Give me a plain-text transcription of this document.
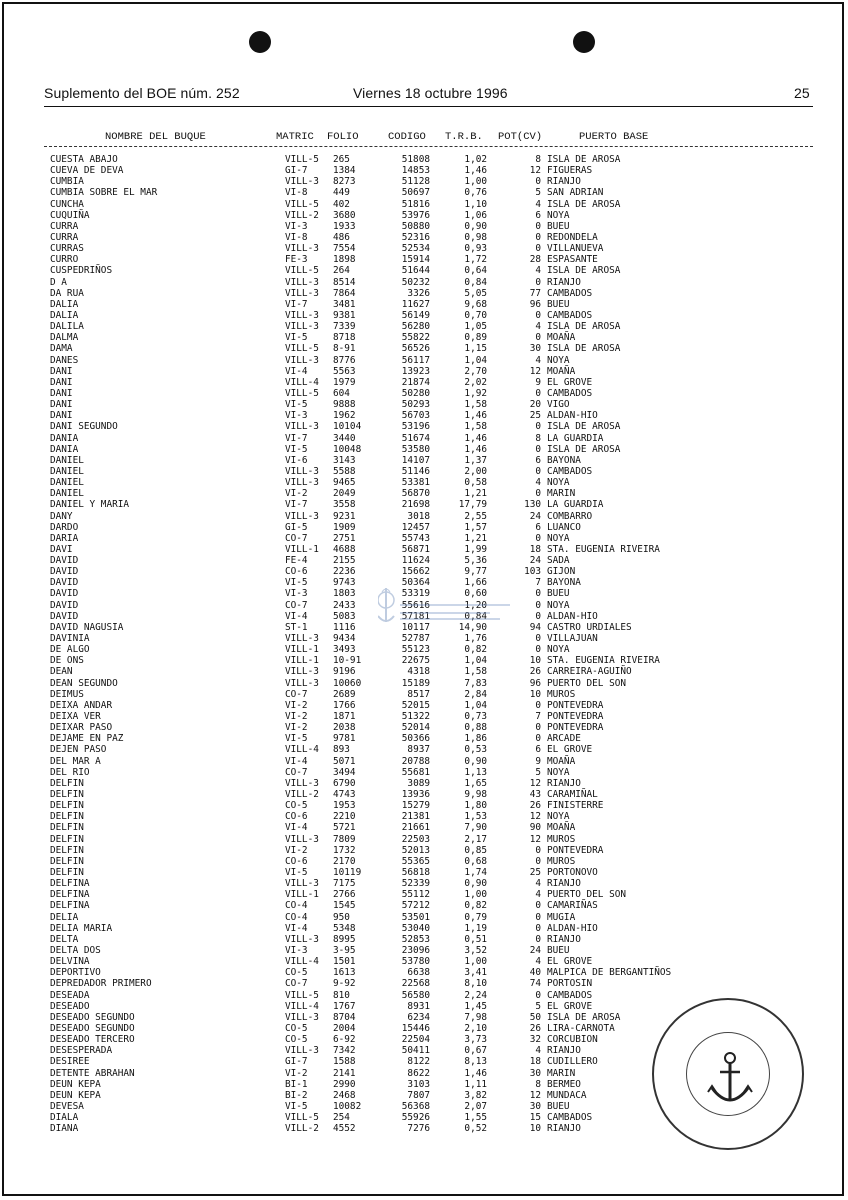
Suplemento del BOE núm. 252	Viernes 18 octubre 1996	25
NOMBRE DEL BUQUE	MATRIC FOLIO	CODIGO T.R.B. POT(CV)	PUERTO BASE
CUESTA ABAJO	VILL-5 265	51808	1,02	8 ISLA DE AROSA
CUEVA DE DEVA	GI-7	1384	14853	1,46	12 FIGUERAS
CUMBIA	VILL-3 8273	51128	1,00	0 RIANJO
CUMBIA SOBRE EL MAR	VI-8	449	50697	0,76	5 SAN ADRIAN
CUNCHA	VILL-5 402	51816	1,10	4 ISLA DE AROSA
CUQUIÑA	VILL-2 3680	53976	1,06	6 NOYA
CURRA	VI-3	1933	50880	0,90	0 BUEU
CURRA	VI-8	486	52316	0,98	0 REDONDELA
CURRAS	VILL-3 7554	52534	0,93	0 VILLANUEVA
CURRO	FE-3	1898	15914	1,72	28 ESPASANTE
CUSPEDRIÑOS	VILL-5 264	51644	0,64	4 ISLA DE AROSA
D A	VILL-3 8514	50232	0,84	0 RIANJO
DA RUA	VILL-3 7864	3326	5,05	77 CAMBADOS
DALIA	VI-7	3481	11627	9,68	96 BUEU
DALIA	VILL-3 9381	56149	0,70	0 CAMBADOS
DALILA	VILL-3 7339	56280	1,05	4 ISLA DE AROSA
DALMA	VI-5	8718	55822	0,89	0 MOAÑA
DAMA	VILL-5 8-91	56526	1,15	30 ISLA DE AROSA
DANES	VILL-3 8776	56117	1,04	4 NOYA
DANI	VI-4	5563	13923	2,70	12 MOAÑA
DANI	VILL-4 1979	21874	2,02	9 EL GROVE
DANI	VILL-5 604	50280	1,92	0 CAMBADOS
DANI	VI-5	9888	50293	1,58	20 VIGO
DANI	VI-3	1962	56703	1,46	25 ALDAN-HIO
DANI SEGUNDO	VILL-3 10104	53196	1,58	0 ISLA DE AROSA
DANIA	VI-7	3440	51674	1,46	8 LA GUARDIA
DANIA	VI-5	10048	53580	1,46	0 ISLA DE AROSA
DANIEL	VI-6	3143	14107	1,37	6 BAYONA
DANIEL	VILL-3 5588	51146	2,00	0 CAMBADOS
DANIEL	VILL-3 9465	53381	0,58	4 NOYA
DANIEL	VI-2	2049	56870	1,21	0 MARIN
DANIEL Y MARIA	VI-7	3558	21698	17,79	130 LA GUARDIA
DANY	VILL-3 9231	3018	2,55	24 COMBARRO
DARDO	GI-5	1909	12457	1,57	6 LUANCO
DARIA	CO-7	2751	55743	1,21	0 NOYA
DAVI	VILL-1 4688	56871	1,99	18 STA. EUGENIA RIVEIRA
DAVID	FE-4	2155	11624	5,36	24 SADA
DAVID	CO-6	2236	15662	9,77	103 GIJON
DAVID	VI-5	9743	50364	1,66	7 BAYONA
DAVID	VI-3	1803	53319	0,60	0 BUEU
DAVID	CO-7	2433	55616	1,20	0 NOYA
DAVID	VI-4	5083	57181	0,84	0 ALDAN-HIO
DAVID NAGUSIA	ST-1	1116	10117	14,90	94 CASTRO URDIALES
DAVINIA	VILL-3 9434	52787	1,76	0 VILLAJUAN
DE ALGO	VILL-1 3493	55123	0,82	0 NOYA
DE ONS	VILL-1 10-91	22675	1,04	10 STA. EUGENIA RIVEIRA
DEAN	VILL-3 9196	4318	1,58	26 CARREIRA-AGUIÑO
DEAN SEGUNDO	VILL-3 10060	15189	7,83	96 PUERTO DEL SON
DEIMUS	CO-7	2689	8517	2,84	10 MUROS
DEIXA ANDAR	VI-2	1766	52015	1,04	0 PONTEVEDRA
DEIXA VER	VI-2	1871	51322	0,73	7 PONTEVEDRA
DEIXAR PASO	VI-2	2038	52014	0,88	0 PONTEVEDRA
DEJAME EN PAZ	VI-5	9781	50366	1,86	0 ARCADE
DEJEN PASO	VILL-4 893	8937	0,53	6 EL GROVE
DEL MAR A	VI-4	5071	20788	0,90	9 MOAÑA
DEL RIO	CO-7	3494	55681	1,13	5 NOYA
DELFIN	VILL-3 6790	3089	1,65	12 RIANJO
DELFIN	VILL-2 4743	13936	9,98	43 CARAMIÑAL
DELFIN	CO-5	1953	15279	1,80	26 FINISTERRE
DELFIN	CO-6	2210	21381	1,53	12 NOYA
DELFIN	VI-4	5721	21661	7,90	90 MOAÑA
DELFIN	VILL-3 7809	22503	2,17	12 MUROS
DELFIN	VI-2	1732	52013	0,85	0 PONTEVEDRA
DELFIN	CO-6	2170	55365	0,68	0 MUROS
DELFIN	VI-5	10119	56818	1,74	25 PORTONOVO
DELFINA	VILL-3 7175	52339	0,90	4 RIANJO
DELFINA	VILL-1 2766	55112	1,00	4 PUERTO DEL SON
DELFINA	CO-4	1545	57212	0,82	0 CAMARIÑAS
DELIA	CO-4	950	53501	0,79	0 MUGIA
DELIA MARIA	VI-4	5348	53040	1,19	0 ALDAN-HIO
DELTA	VILL-3 8995	52853	0,51	0 RIANJO
DELTA DOS	VI-3	3-95	23096	3,52	24 BUEU
DELVINA	VILL-4 1501	53780	1,00	4 EL GROVE
DEPORTIVO	CO-5	1613	6638	3,41	40 MALPICA DE BERGANTIÑOS
DEPREDADOR PRIMERO	CO-7	9-92	22568	8,10	74 PORTOSIN
DESEADA	VILL-5 810	56580	2,24	0 CAMBADOS
DESEADO	VILL-4 1767	8931	1,45	5 EL GROVE
DESEADO SEGUNDO	VILL-3 8704	6234	7,98	50 ISLA DE AROSA
DESEADO SEGUNDO	CO-5	2004	15446	2,10	26 LIRA-CARNOTA
DESEADO TERCERO	CO-5	6-92	22504	3,73	32 CORCUBION
DESESPERADA	VILL-3 7342	50411	0,67	4 RIANJO
DESIREE	GI-7	1588	8122	8,13	18 CUDILLERO
DETENTE ABRAHAN	VI-2	2141	8622	1,46	30 MARIN
DEUN KEPA	BI-1	2990	3103	1,11	8 BERMEO
DEUN KEPA	BI-2	2468	7807	3,82	12 MUNDACA
DEVESA	VI-5	10082	56368	2,07	30 BUEU
DIALA	VILL-5 254	55926	1,55	15 CAMBADOS
DIANA	VILL-2 4552	7276	0,52	10 RIANJO
